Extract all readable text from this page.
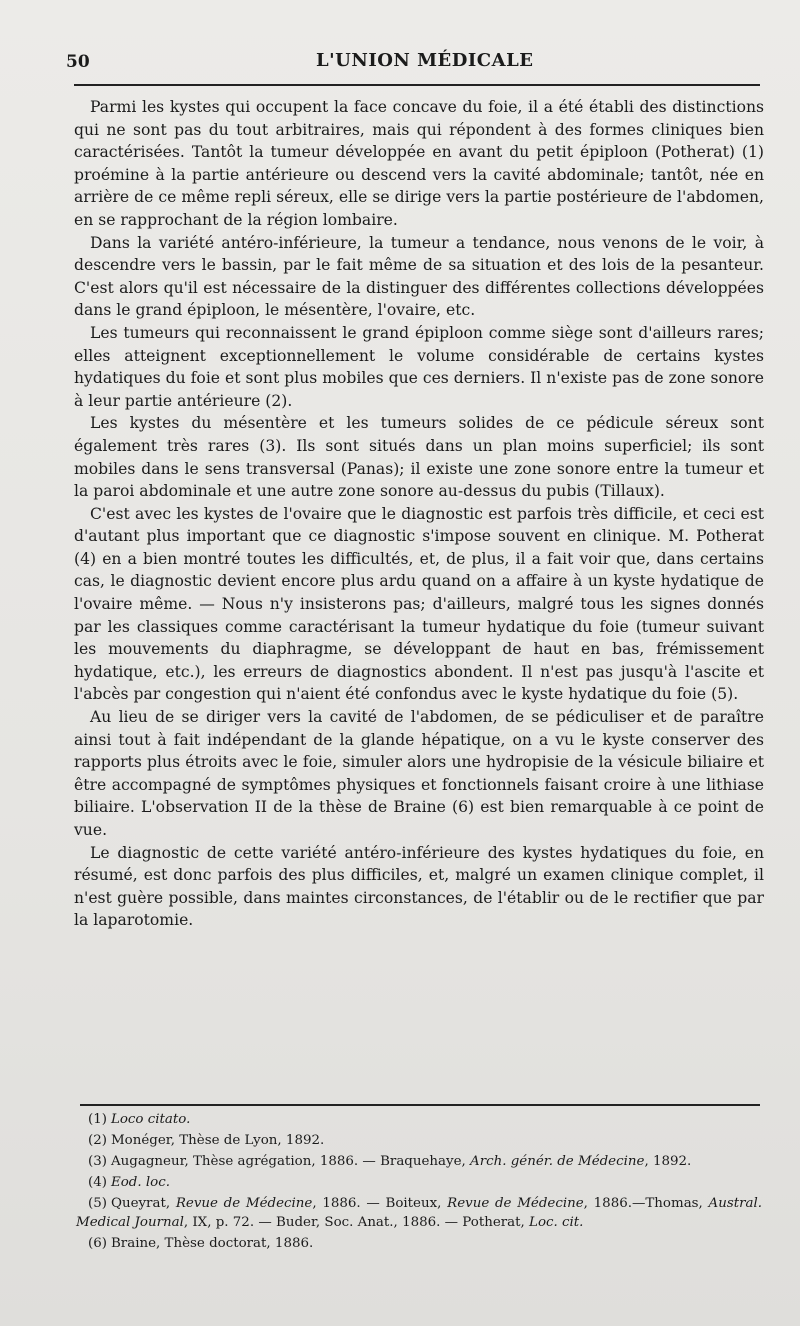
50	L'UNION MÉDICALE

Parmi les kystes qui occupent la face concave du foie, il a été établi des distinctions qui ne sont pas du tout arbitraires, mais qui répondent à des formes cliniques bien caractérisées. Tantôt la tumeur développée en avant du petit épiploon (Potherat) (1) proémine à la partie antérieure ou descend vers la cavité abdominale; tantôt, née en arrière de ce même repli séreux, elle se dirige vers la partie postérieure de l'abdomen, en se rapprochant de la région lombaire.

Dans la variété antéro-inférieure, la tumeur a tendance, nous venons de le voir, à descendre vers le bassin, par le fait même de sa situation et des lois de la pesanteur. C'est alors qu'il est nécessaire de la distinguer des différentes collections développées dans le grand épiploon, le mésentère, l'ovaire, etc.

Les tumeurs qui reconnaissent le grand épiploon comme siège sont d'ailleurs rares; elles atteignent exceptionnellement le volume considérable de certains kystes hydatiques du foie et sont plus mobiles que ces derniers. Il n'existe pas de zone sonore à leur partie antérieure (2).

Les kystes du mésentère et les tumeurs solides de ce pédicule séreux sont également très rares (3). Ils sont situés dans un plan moins superficiel; ils sont mobiles dans le sens transversal (Panas); il existe une zone sonore entre la tumeur et la paroi abdominale et une autre zone sonore au-dessus du pubis (Tillaux).

C'est avec les kystes de l'ovaire que le diagnostic est parfois très difficile, et ceci est d'autant plus important que ce diagnostic s'impose souvent en clinique. M. Potherat (4) en a bien montré toutes les difficultés, et, de plus, il a fait voir que, dans certains cas, le diagnostic devient encore plus ardu quand on a affaire à un kyste hydatique de l'ovaire même. — Nous n'y insisterons pas; d'ailleurs, malgré tous les signes donnés par les classiques comme caractérisant la tumeur hydatique du foie (tumeur suivant les mouvements du diaphragme, se développant de haut en bas, frémissement hydatique, etc.), les erreurs de diagnostics abondent. Il n'est pas jusqu'à l'ascite et l'abcès par congestion qui n'aient été confondus avec le kyste hydatique du foie (5).

Au lieu de se diriger vers la cavité de l'abdomen, de se pédiculiser et de paraître ainsi tout à fait indépendant de la glande hépatique, on a vu le kyste conserver des rapports plus étroits avec le foie, simuler alors une hydropisie de la vésicule biliaire et être accompagné de symptômes physiques et fonctionnels faisant croire à une lithiase biliaire. L'observation II de la thèse de Braine (6) est bien remarquable à ce point de vue.

Le diagnostic de cette variété antéro-inférieure des kystes hydatiques du foie, en résumé, est donc parfois des plus difficiles, et, malgré un examen clinique complet, il n'est guère possible, dans maintes circonstances, de l'établir ou de le rectifier que par la laparotomie.

(1) Loco citato.

(2) Monéger, Thèse de Lyon, 1892.

(3) Augagneur, Thèse agrégation, 1886. — Braquehaye, Arch. génér. de Médecine, 1892.

(4) Eod. loc.

(5) Queyrat, Revue de Médecine, 1886. — Boiteux, Revue de Médecine, 1886.—Thomas, Austral. Medical Journal, IX, p. 72. — Buder, Soc. Anat., 1886. — Potherat, Loc. cit.

(6) Braine, Thèse doctorat, 1886.
